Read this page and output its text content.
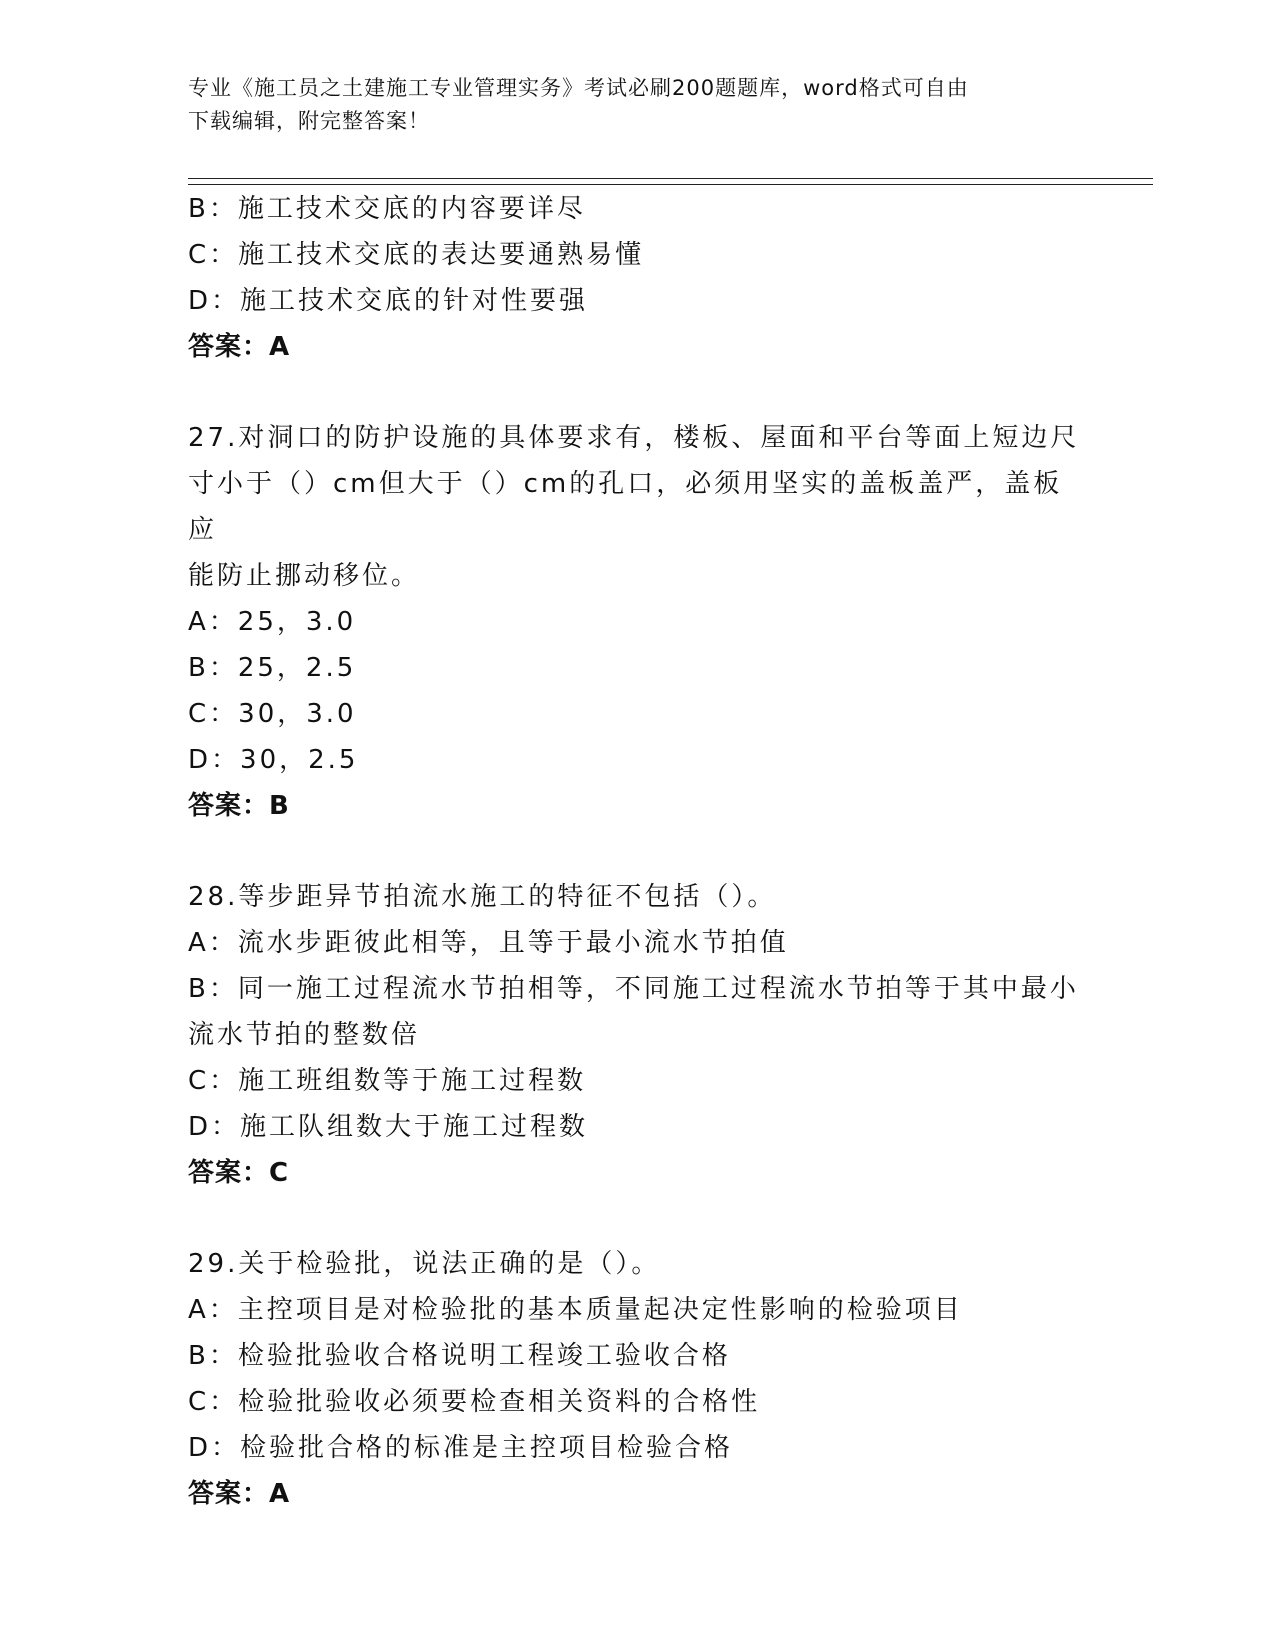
专业《施工员之土建施工专业管理实务》考试必刷200题题库，word格式可自由
下载编辑，附完整答案！
B：施工技术交底的内容要详尽
C：施工技术交底的表达要通熟易懂
D：施工技术交底的针对性要强
答案：A
27.对洞口的防护设施的具体要求有，楼板、屋面和平台等面上短边尺
寸小于（）cm但大于（）cm的孔口，必须用坚实的盖板盖严，盖板应
能防止挪动移位。
A：25，3.0
B：25，2.5
C：30，3.0
D：30，2.5
答案：B
28.等步距异节拍流水施工的特征不包括（）。
A：流水步距彼此相等，且等于最小流水节拍值
B：同一施工过程流水节拍相等，不同施工过程流水节拍等于其中最小
流水节拍的整数倍
C：施工班组数等于施工过程数
D：施工队组数大于施工过程数
答案：C
29.关于检验批，说法正确的是（）。
A：主控项目是对检验批的基本质量起决定性影响的检验项目
B：检验批验收合格说明工程竣工验收合格
C：检验批验收必须要检查相关资料的合格性
D：检验批合格的标准是主控项目检验合格
答案：A
